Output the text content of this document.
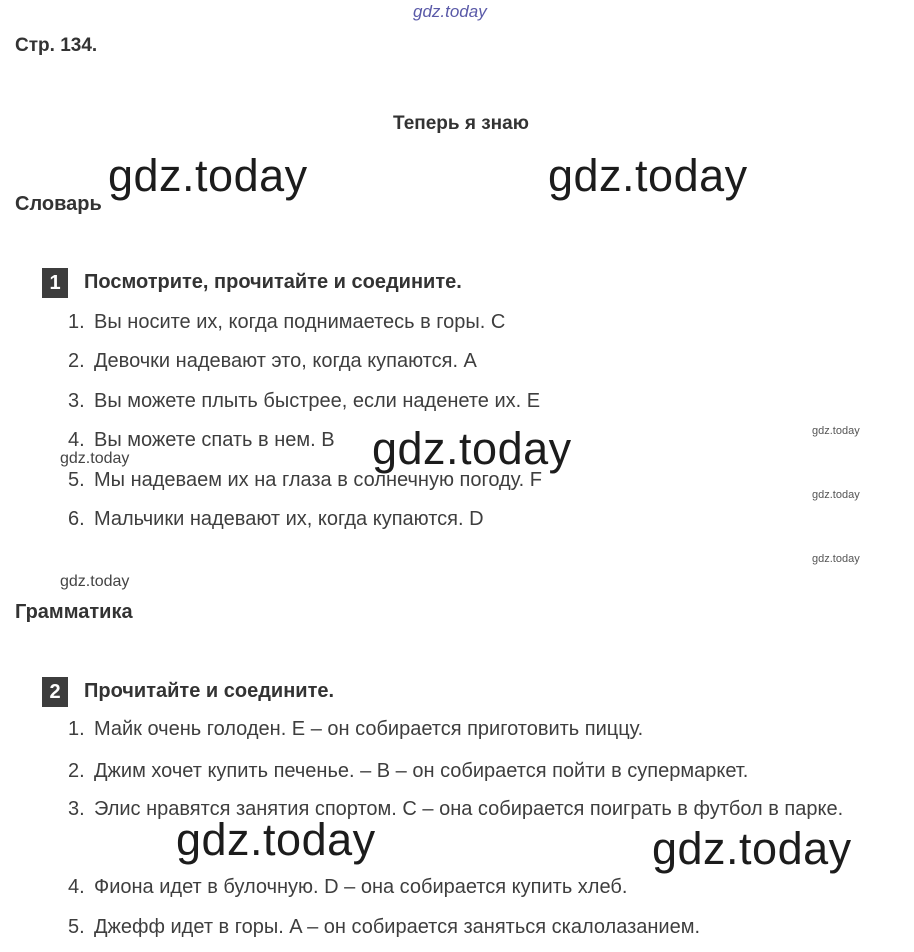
gdz.today
gdz.today	gdz.today
gdz.today
gdz.today	gdz.today
gdz.today
gdz.today
gdz.today
gdz.today
gdz.today
Стр. 134.
Теперь я знаю
Словарь
1	Посмотрите, прочитайте и соедините.
1. Вы носите их, когда поднимаетесь в горы. C
2. Девочки надевают это, когда купаются. A
3. Вы можете плыть быстрее, если наденете их. E
4. Вы можете спать в нем. B
5. Мы надеваем их на глаза в солнечную погоду. F
6. Мальчики надевают их, когда купаются. D
Грамматика
2	Прочитайте и соедините.
1. Майк очень голоден. E – он собирается приготовить пиццу.
2. Джим хочет купить печенье. – B – он собирается пойти в супермаркет.
3. Элис нравятся занятия спортом. C – она собирается поиграть в футбол в парке.
4. Фиона идет в булочную. D – она собирается купить хлеб.
5. Джефф идет в горы. A – он собирается заняться скалолазанием.
